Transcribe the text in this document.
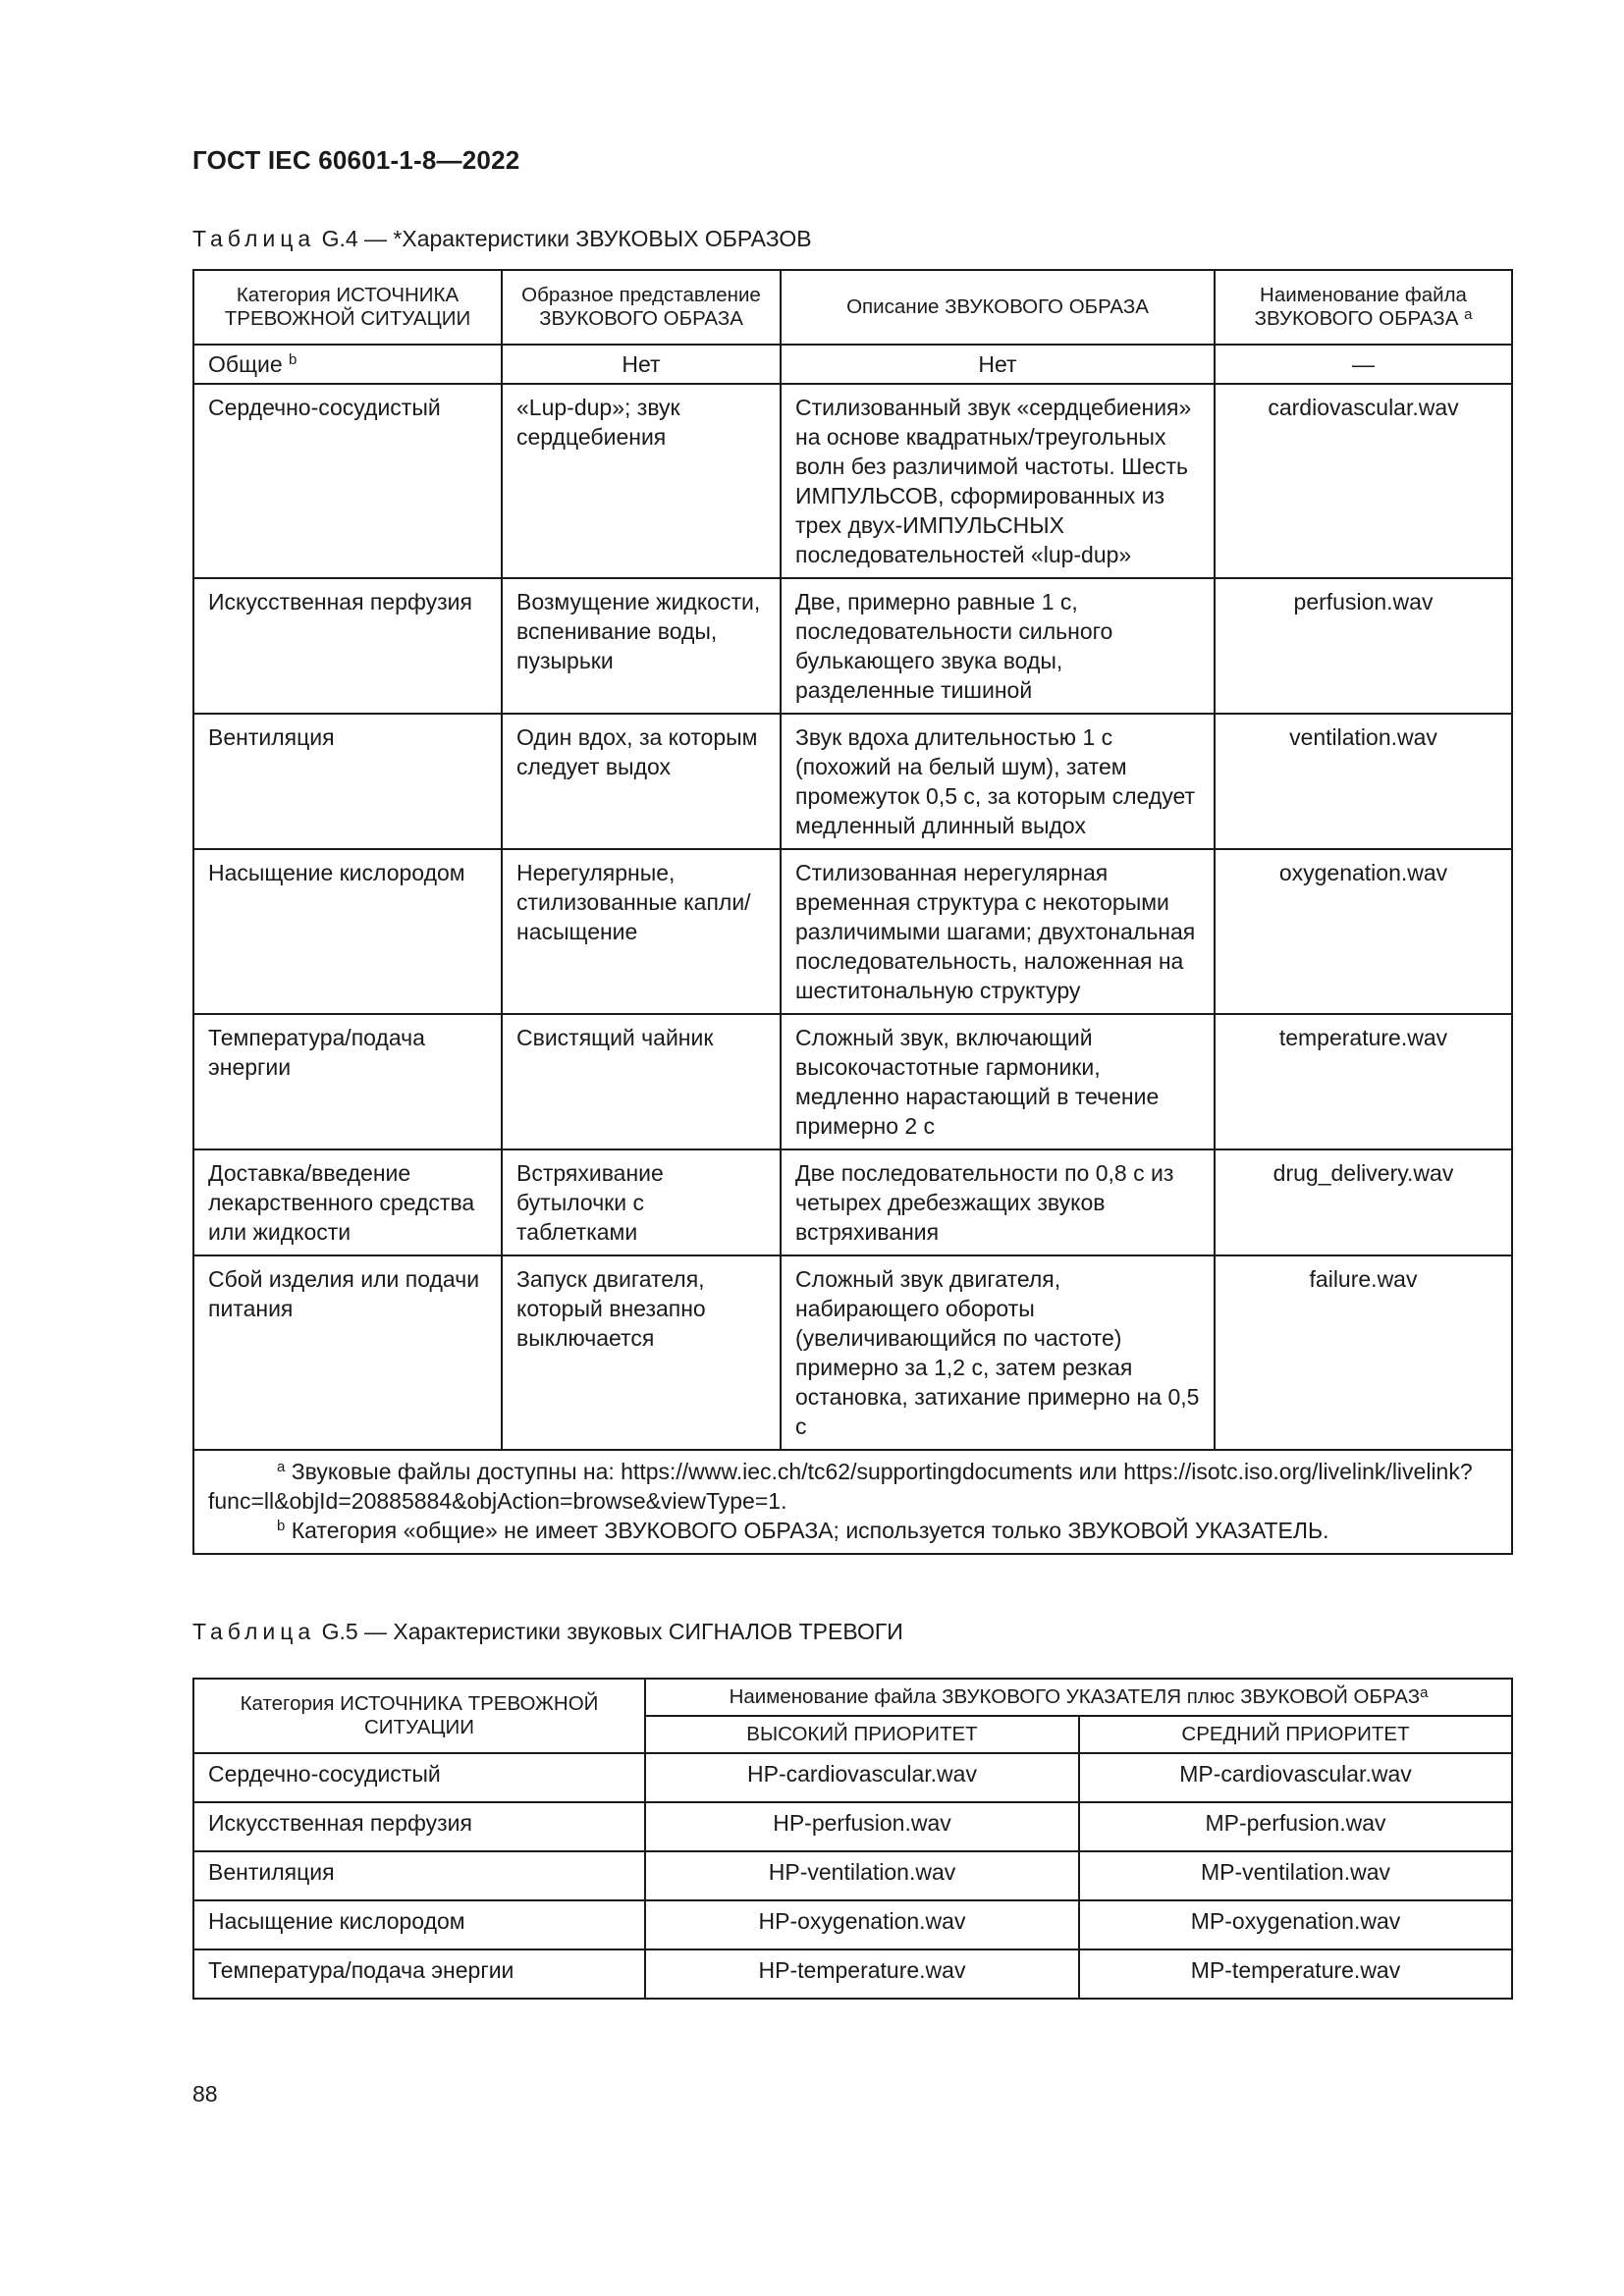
ГОСТ IEC 60601-1-8—2022
Таблица G.4 — *Характеристики ЗВУКОВЫХ ОБРАЗОВ
Категория ИСТОЧНИКА ТРЕВОЖНОЙ СИТУАЦИИ	Образное представление ЗВУКОВОГО ОБРАЗА	Описание ЗВУКОВОГО ОБРАЗА	Наименование файла ЗВУКОВОГО ОБРАЗА $^a$
Общие $^b$	Нет	Нет	—
Сердечно-сосудистый	«Lup-dup»; звук сердцебиения	Стилизованный звук «сердцебиения» на основе квадратных/треугольных волн без различимой частоты. Шесть ИМПУЛЬСОВ, сформированных из трех двух-ИМПУЛЬСНЫХ последовательностей «lup-dup»	cardiovascular.wav
Искусственная перфузия	Возмущение жидкости, вспенивание воды, пузырьки	Две, примерно равные 1 с, последовательности сильного булькающего звука воды, разделенные тишиной	perfusion.wav
Вентиляция	Один вдох, за которым следует выдох	Звук вдоха длительностью 1 с (похожий на белый шум), затем промежуток 0,5 с, за которым следует медленный длинный выдох	ventilation.wav
Насыщение кислородом	Нерегулярные, стилизованные капли/насыщение	Стилизованная нерегулярная временная структура с некоторыми различимыми шагами; двухтональная последовательность, наложенная на шеститональную структуру	oxygenation.wav
Температура/подача энергии	Свистящий чайник	Сложный звук, включающий высокочастотные гармоники, медленно нарастающий в течение примерно 2 с	temperature.wav
Доставка/введение лекарственного средства или жидкости	Встряхивание бутылочки с таблетками	Две последовательности по 0,8 с из четырех дребезжащих звуков встряхивания	drug_delivery.wav
Сбой изделия или подачи питания	Запуск двигателя, который внезапно выключается	Сложный звук двигателя, набирающего обороты (увеличивающийся по частоте) примерно за 1,2 с, затем резкая остановка, затихание примерно на 0,5 с	failure.wav

$^a$ Звуковые файлы доступны на: https://www.iec.ch/tc62/supportingdocuments или https://isotc.iso.org/livelink/livelink?func=ll&objId=20885884&objAction=browse&viewType=1.
$^b$ Категория «общие» не имеет ЗВУКОВОГО ОБРАЗА; используется только ЗВУКОВОЙ УКАЗАТЕЛЬ.			
Таблица G.5 — Характеристики звуковых СИГНАЛОВ ТРЕВОГИ
Категория ИСТОЧНИКА ТРЕВОЖНОЙ СИТУАЦИИ	Наименование файла ЗВУКОВОГО УКАЗАТЕЛЯ плюс ЗВУКОВОЙ ОБРАЗ$^a$
	ВЫСОКИЙ ПРИОРИТЕТ	СРЕДНИЙ ПРИОРИТЕТ
Сердечно-сосудистый	HP-cardiovascular.wav	MP-cardiovascular.wav
Искусственная перфузия	HP-perfusion.wav	MP-perfusion.wav
Вентиляция	HP-ventilation.wav	MP-ventilation.wav
Насыщение кислородом	HP-oxygenation.wav	MP-oxygenation.wav
Температура/подача энергии	HP-temperature.wav	MP-temperature.wav
88
